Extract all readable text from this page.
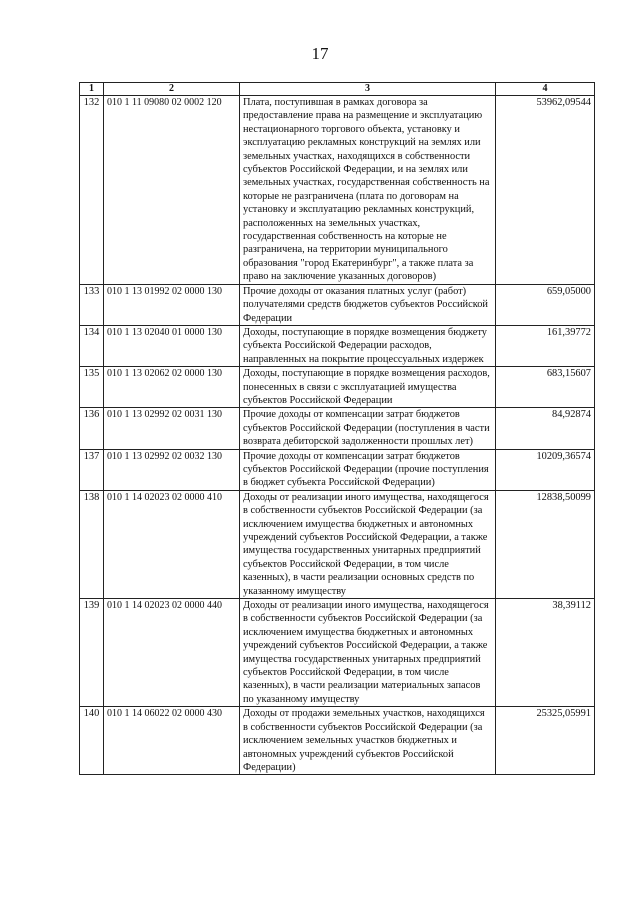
17
1	2	3	4
132	010 1 11 09080 02 0002 120	Плата, поступившая в рамках договора за предоставление права на размещение и эксплуатацию нестационарного торгового объекта, установку и эксплуатацию рекламных конструкций на землях или земельных участках, находящихся в собственности субъектов Российской Федерации, и на землях или земельных участках, государственная собственность на которые не разграничена (плата по договорам на установку и эксплуатацию рекламных конструкций, расположенных на земельных участках, государственная собственность на которые не разграничена, на территории муниципального образования "город Екатеринбург", а также плата за право на заключение указанных договоров)	53962,09544
133	010 1 13 01992 02 0000 130	Прочие доходы от оказания платных услуг (работ) получателями средств бюджетов субъектов Российской Федерации	659,05000
134	010 1 13 02040 01 0000 130	Доходы, поступающие в порядке возмещения бюджету субъекта Российской Федерации расходов, направленных на покрытие процессуальных издержек	161,39772
135	010 1 13 02062 02 0000 130	Доходы, поступающие в порядке возмещения расходов, понесенных в связи с эксплуатацией имущества субъектов Российской Федерации	683,15607
136	010 1 13 02992 02 0031 130	Прочие доходы от компенсации затрат бюджетов субъектов Российской Федерации (поступления в части возврата дебиторской задолженности прошлых лет)	84,92874
137	010 1 13 02992 02 0032 130	Прочие доходы от компенсации затрат бюджетов субъектов Российской Федерации (прочие поступления в бюджет субъекта Российской Федерации)	10209,36574
138	010 1 14 02023 02 0000 410	Доходы от реализации иного имущества, находящегося в собственности субъектов Российской Федерации (за исключением имущества бюджетных и автономных учреждений субъектов Российской Федерации, а также имущества государственных унитарных предприятий субъектов Российской Федерации, в том числе казенных), в части реализации основных средств по указанному имуществу	12838,50099
139	010 1 14 02023 02 0000 440	Доходы от реализации иного имущества, находящегося в собственности субъектов Российской Федерации (за исключением имущества бюджетных и автономных учреждений субъектов Российской Федерации, а также имущества государственных унитарных предприятий субъектов Российской Федерации, в том числе казенных), в части реализации материальных запасов по указанному имуществу	38,39112
140	010 1 14 06022 02 0000 430	Доходы от продажи земельных участков, находящихся в собственности субъектов Российской Федерации (за исключением земельных участков бюджетных и автономных учреждений субъектов Российской Федерации)	25325,05991
